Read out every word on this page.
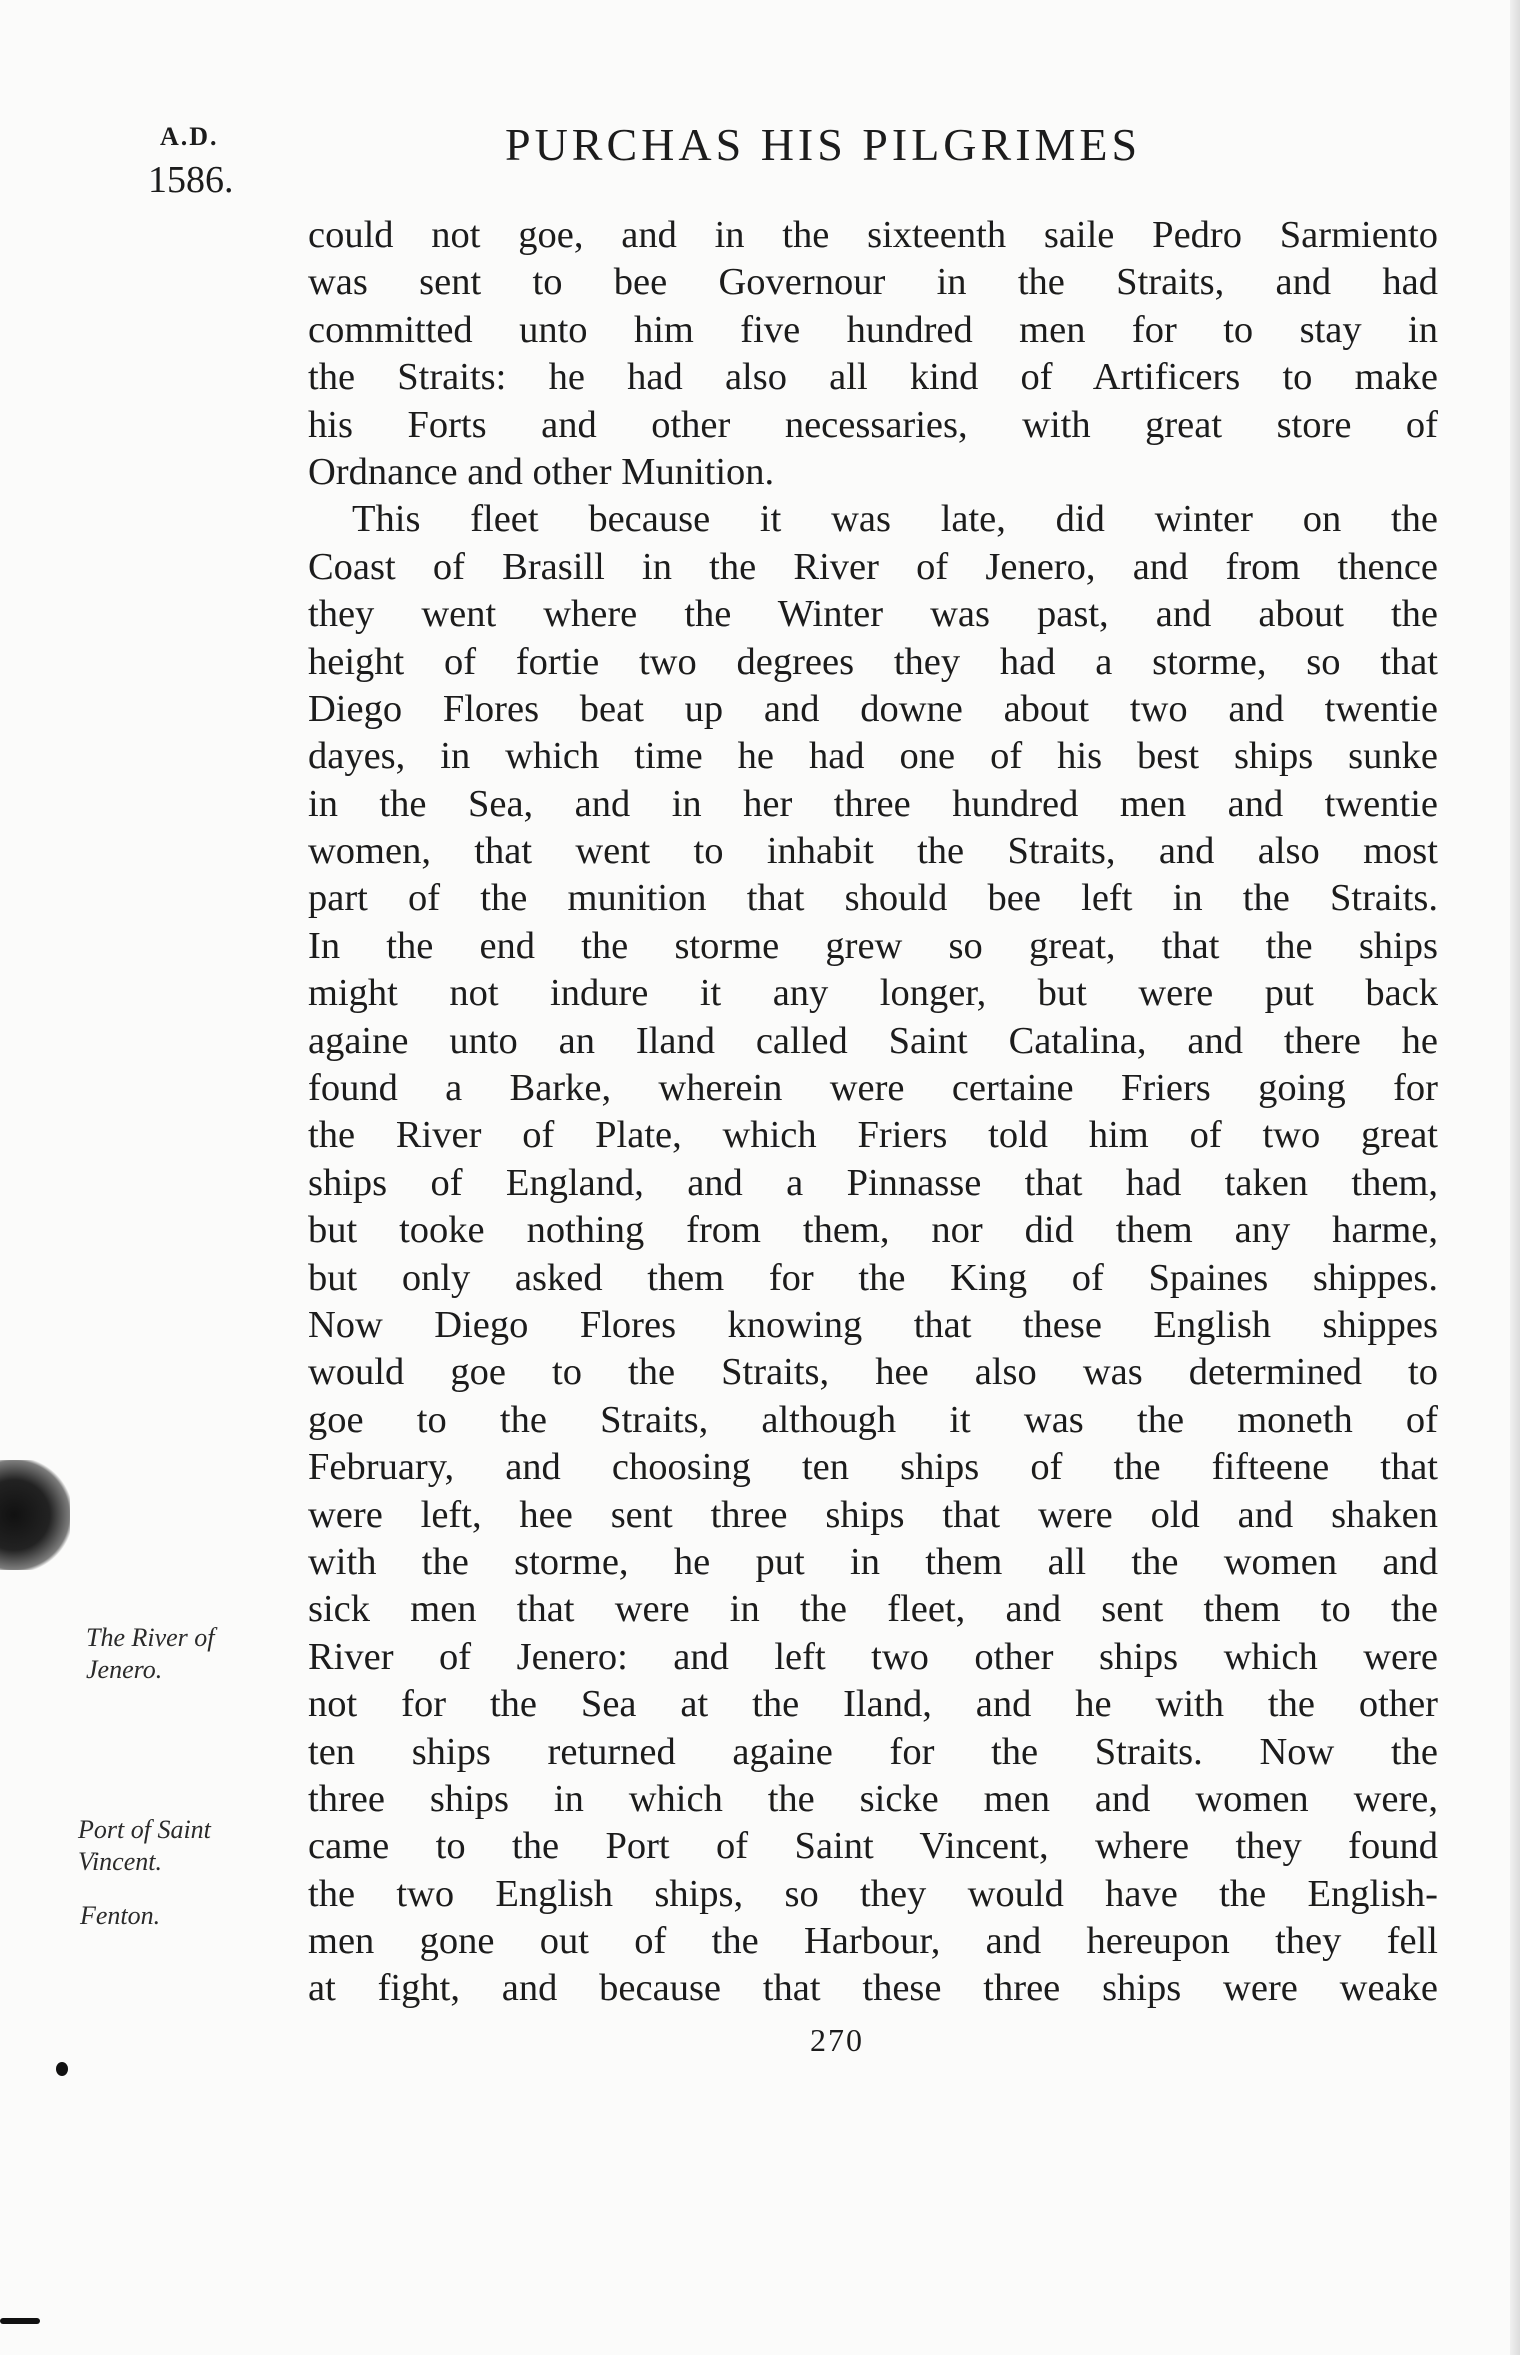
A.D.
1586.
PURCHAS HIS PILGRIMES
could not goe, and in the sixteenth saile Pedro Sarmiento
was sent to bee Governour in the Straits, and had
committed unto him five hundred men for to stay in
the Straits: he had also all kind of Artificers to make
his Forts and other necessaries, with great store of
Ordnance and other Munition.
This fleet because it was late, did winter on the
Coast of Brasill in the River of Jenero, and from thence
they went where the Winter was past, and about the
height of fortie two degrees they had a storme, so that
Diego Flores beat up and downe about two and twentie
dayes, in which time he had one of his best ships sunke
in the Sea, and in her three hundred men and twentie
women, that went to inhabit the Straits, and also most
part of the munition that should bee left in the Straits.
In the end the storme grew so great, that the ships
might not indure it any longer, but were put back
againe unto an Iland called Saint Catalina, and there he
found a Barke, wherein were certaine Friers going for
the River of Plate, which Friers told him of two great
ships of England, and a Pinnasse that had taken them,
but tooke nothing from them, nor did them any harme,
but only asked them for the King of Spaines shippes.
Now Diego Flores knowing that these English shippes
would goe to the Straits, hee also was determined to
goe to the Straits, although it was the moneth of
February, and choosing ten ships of the fifteene that
were left, hee sent three ships that were old and shaken
with the storme, he put in them all the women and
sick men that were in the fleet, and sent them to the
River of Jenero: and left two other ships which were
not for the Sea at the Iland, and he with the other
ten ships returned againe for the Straits. Now the
three ships in which the sicke men and women were,
came to the Port of Saint Vincent, where they found
the two English ships, so they would have the English-
men gone out of the Harbour, and hereupon they fell
at fight, and because that these three ships were weake
The River of
Jenero.
Port of Saint
Vincent.
Fenton.
270
